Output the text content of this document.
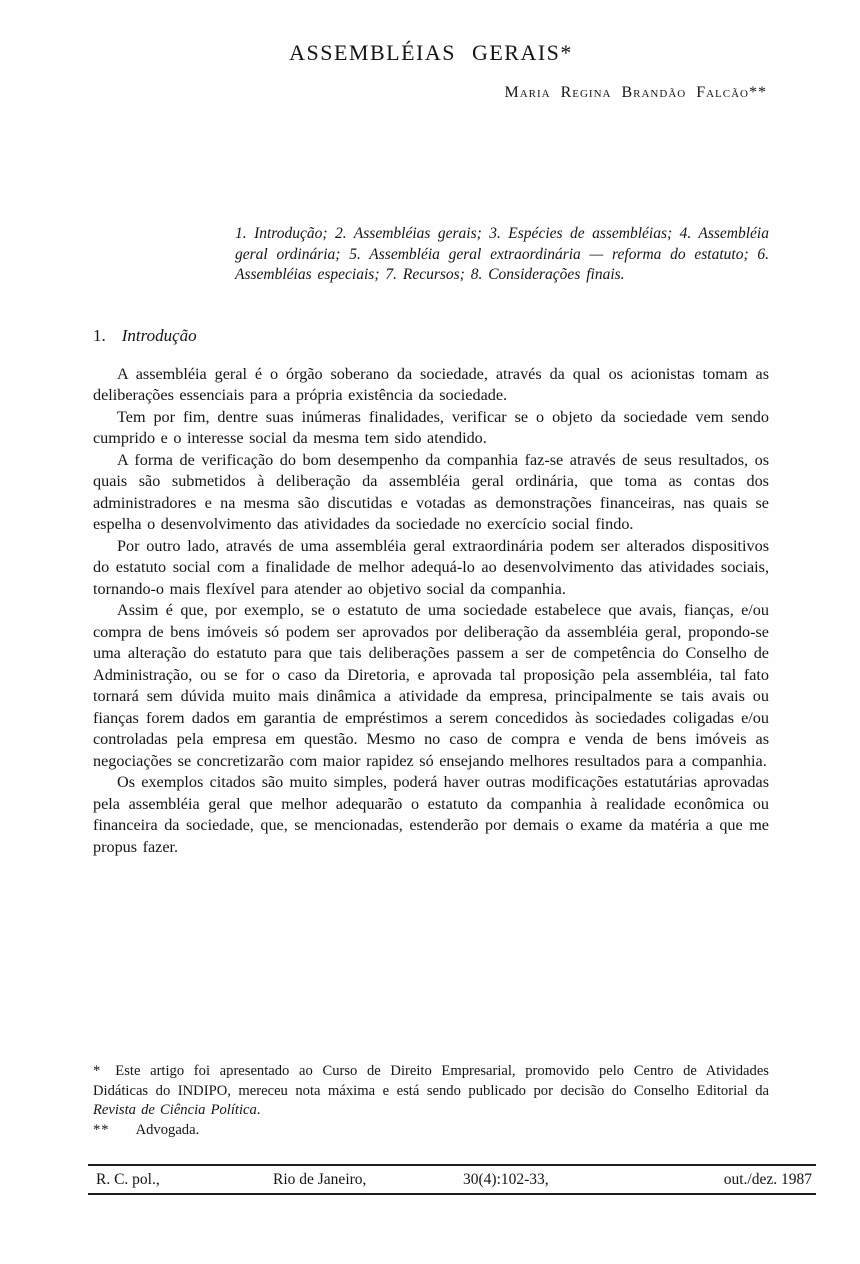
ASSEMBLÉIAS GERAIS*
Maria Regina Brandão Falcão**
1. Introdução; 2. Assembléias gerais; 3. Espécies de assembléias; 4. Assembléia geral ordinária; 5. Assembléia geral extraordinária — reforma do estatuto; 6. Assembléias especiais; 7. Recursos; 8. Considerações finais.
1. Introdução

A assembléia geral é o órgão soberano da sociedade, através da qual os acionistas tomam as deliberações essenciais para a própria existência da sociedade.

Tem por fim, dentre suas inúmeras finalidades, verificar se o objeto da sociedade vem sendo cumprido e o interesse social da mesma tem sido atendido.

A forma de verificação do bom desempenho da companhia faz-se através de seus resultados, os quais são submetidos à deliberação da assembléia geral ordinária, que toma as contas dos administradores e na mesma são discutidas e votadas as demonstrações financeiras, nas quais se espelha o desenvolvimento das atividades da sociedade no exercício social findo.

Por outro lado, através de uma assembléia geral extraordinária podem ser alterados dispositivos do estatuto social com a finalidade de melhor adequá-lo ao desenvolvimento das atividades sociais, tornando-o mais flexível para atender ao objetivo social da companhia.

Assim é que, por exemplo, se o estatuto de uma sociedade estabelece que avais, fianças, e/ou compra de bens imóveis só podem ser aprovados por deliberação da assembléia geral, propondo-se uma alteração do estatuto para que tais deliberações passem a ser de competência do Conselho de Administração, ou se for o caso da Diretoria, e aprovada tal proposição pela assembléia, tal fato tornará sem dúvida muito mais dinâmica a atividade da empresa, principalmente se tais avais ou fianças forem dados em garantia de empréstimos a serem concedidos às sociedades coligadas e/ou controladas pela empresa em questão. Mesmo no caso de compra e venda de bens imóveis as negociações se concretizarão com maior rapidez só ensejando melhores resultados para a companhia.

Os exemplos citados são muito simples, poderá haver outras modificações estatutárias aprovadas pela assembléia geral que melhor adequarão o estatuto da companhia à realidade econômica ou financeira da sociedade, que, se mencionadas, estenderão por demais o exame da matéria a que me propus fazer.

* Este artigo foi apresentado ao Curso de Direito Empresarial, promovido pelo Centro de Atividades Didáticas do INDIPO, mereceu nota máxima e está sendo publicado por decisão do Conselho Editorial da Revista de Ciência Política.

** Advogada.

R. C. pol.,	Rio de Janeiro,	30(4):102-33,	out./dez. 1987
